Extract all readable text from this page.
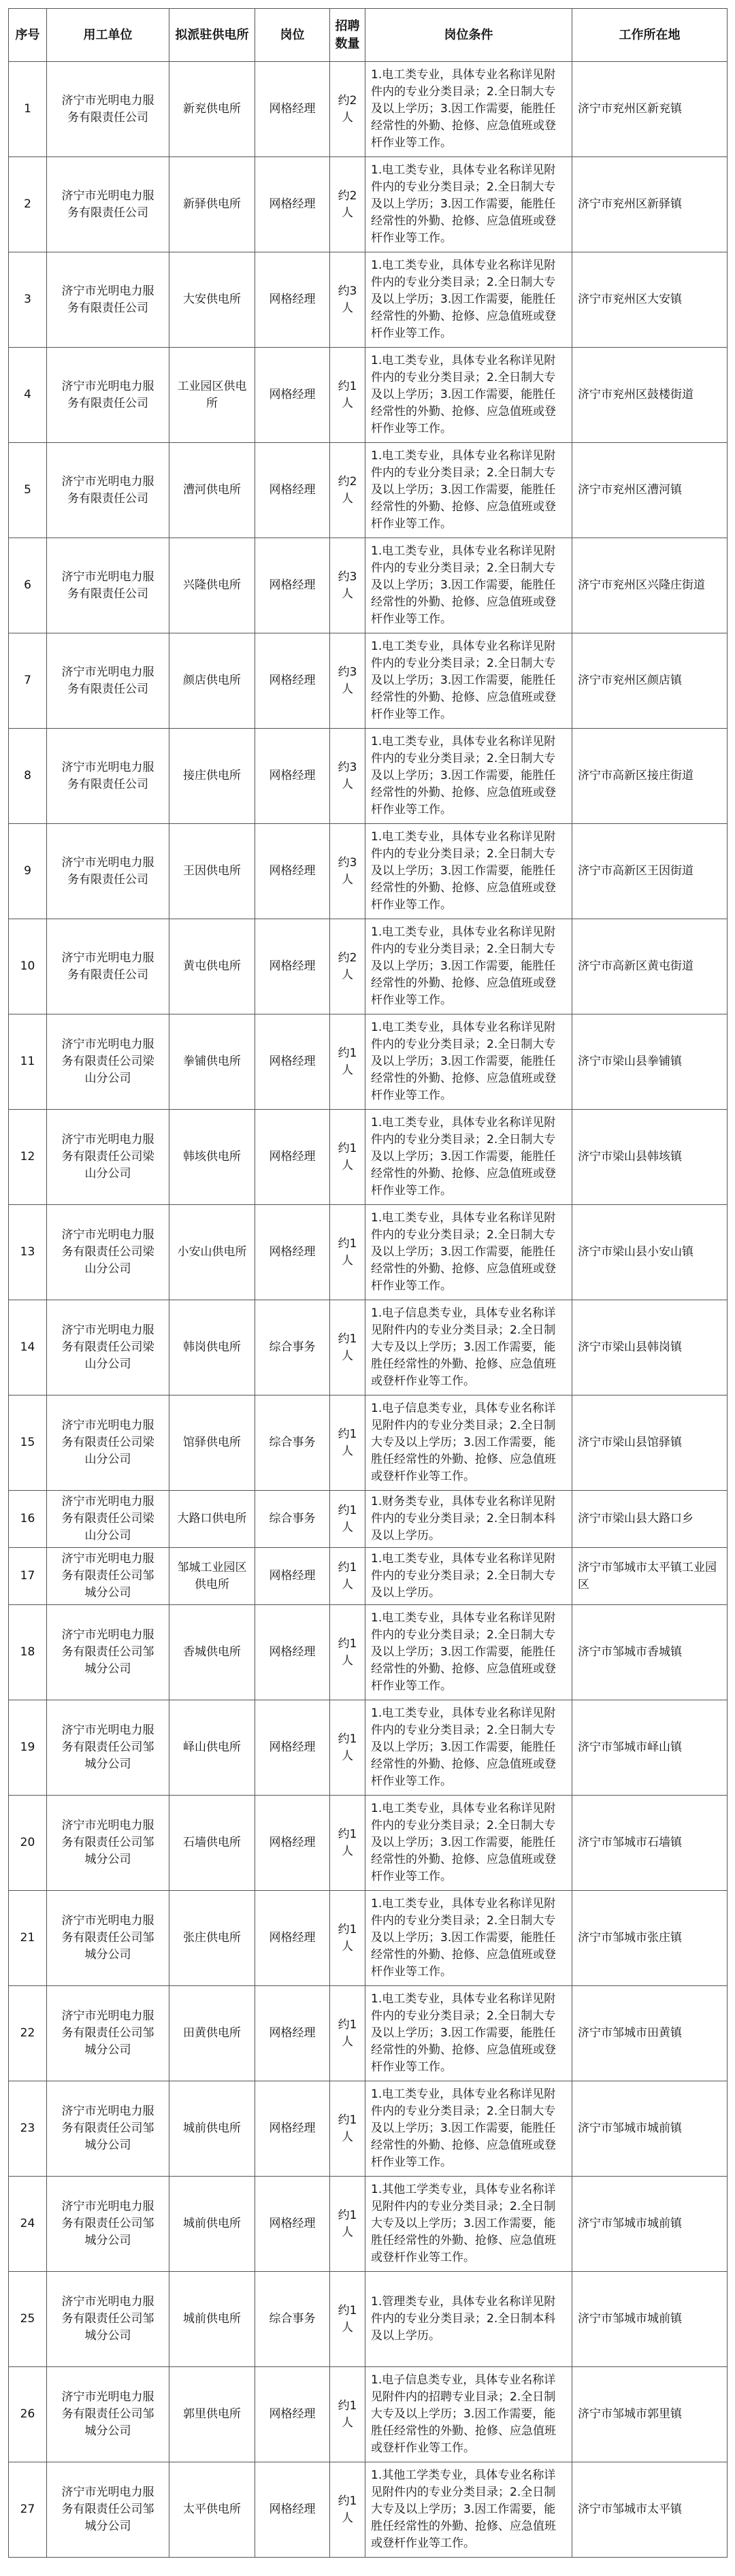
序号	用工单位	拟派驻供电所	岗位	招聘数量	岗位条件	工作所在地
1	济宁市光明电力服务有限责任公司	新兖供电所	网格经理	约2人	1.电工类专业，具体专业名称详见附件内的专业分类目录；2.全日制大专及以上学历；3.因工作需要，能胜任经常性的外勤、抢修、应急值班或登杆作业等工作。	济宁市兖州区新兖镇
2	济宁市光明电力服务有限责任公司	新驿供电所	网格经理	约2人	1.电工类专业，具体专业名称详见附件内的专业分类目录；2.全日制大专及以上学历；3.因工作需要，能胜任经常性的外勤、抢修、应急值班或登杆作业等工作。	济宁市兖州区新驿镇
3	济宁市光明电力服务有限责任公司	大安供电所	网格经理	约3人	1.电工类专业，具体专业名称详见附件内的专业分类目录；2.全日制大专及以上学历；3.因工作需要，能胜任经常性的外勤、抢修、应急值班或登杆作业等工作。	济宁市兖州区大安镇
4	济宁市光明电力服务有限责任公司	工业园区供电所	网格经理	约1人	1.电工类专业，具体专业名称详见附件内的专业分类目录；2.全日制大专及以上学历；3.因工作需要，能胜任经常性的外勤、抢修、应急值班或登杆作业等工作。	济宁市兖州区鼓楼街道
5	济宁市光明电力服务有限责任公司	漕河供电所	网格经理	约2人	1.电工类专业，具体专业名称详见附件内的专业分类目录；2.全日制大专及以上学历；3.因工作需要，能胜任经常性的外勤、抢修、应急值班或登杆作业等工作。	济宁市兖州区漕河镇
6	济宁市光明电力服务有限责任公司	兴隆供电所	网格经理	约3人	1.电工类专业，具体专业名称详见附件内的专业分类目录；2.全日制大专及以上学历；3.因工作需要，能胜任经常性的外勤、抢修、应急值班或登杆作业等工作。	济宁市兖州区兴隆庄街道
7	济宁市光明电力服务有限责任公司	颜店供电所	网格经理	约3人	1.电工类专业，具体专业名称详见附件内的专业分类目录；2.全日制大专及以上学历；3.因工作需要，能胜任经常性的外勤、抢修、应急值班或登杆作业等工作。	济宁市兖州区颜店镇
8	济宁市光明电力服务有限责任公司	接庄供电所	网格经理	约3人	1.电工类专业，具体专业名称详见附件内的专业分类目录；2.全日制大专及以上学历；3.因工作需要，能胜任经常性的外勤、抢修、应急值班或登杆作业等工作。	济宁市高新区接庄街道
9	济宁市光明电力服务有限责任公司	王因供电所	网格经理	约3人	1.电工类专业，具体专业名称详见附件内的专业分类目录；2.全日制大专及以上学历；3.因工作需要，能胜任经常性的外勤、抢修、应急值班或登杆作业等工作。	济宁市高新区王因街道
10	济宁市光明电力服务有限责任公司	黄屯供电所	网格经理	约2人	1.电工类专业，具体专业名称详见附件内的专业分类目录；2.全日制大专及以上学历；3.因工作需要，能胜任经常性的外勤、抢修、应急值班或登杆作业等工作。	济宁市高新区黄屯街道
11	济宁市光明电力服务有限责任公司梁山分公司	拳铺供电所	网格经理	约1人	1.电工类专业，具体专业名称详见附件内的专业分类目录；2.全日制大专及以上学历；3.因工作需要，能胜任经常性的外勤、抢修、应急值班或登杆作业等工作。	济宁市梁山县拳铺镇
12	济宁市光明电力服务有限责任公司梁山分公司	韩垓供电所	网格经理	约1人	1.电工类专业，具体专业名称详见附件内的专业分类目录；2.全日制大专及以上学历；3.因工作需要，能胜任经常性的外勤、抢修、应急值班或登杆作业等工作。	济宁市梁山县韩垓镇
13	济宁市光明电力服务有限责任公司梁山分公司	小安山供电所	网格经理	约1人	1.电工类专业，具体专业名称详见附件内的专业分类目录；2.全日制大专及以上学历；3.因工作需要，能胜任经常性的外勤、抢修、应急值班或登杆作业等工作。	济宁市梁山县小安山镇
14	济宁市光明电力服务有限责任公司梁山分公司	韩岗供电所	综合事务	约1人	1.电子信息类专业，具体专业名称详见附件内的专业分类目录；2.全日制大专及以上学历；3.因工作需要，能胜任经常性的外勤、抢修、应急值班或登杆作业等工作。	济宁市梁山县韩岗镇
15	济宁市光明电力服务有限责任公司梁山分公司	馆驿供电所	综合事务	约1人	1.电子信息类专业，具体专业名称详见附件内的专业分类目录；2.全日制大专及以上学历；3.因工作需要，能胜任经常性的外勤、抢修、应急值班或登杆作业等工作。	济宁市梁山县馆驿镇
16	济宁市光明电力服务有限责任公司梁山分公司	大路口供电所	综合事务	约1人	1.财务类专业，具体专业名称详见附件内的专业分类目录；2.全日制本科及以上学历。	济宁市梁山县大路口乡
17	济宁市光明电力服务有限责任公司邹城分公司	邹城工业园区供电所	网格经理	约1人	1.电工类专业，具体专业名称详见附件内的专业分类目录；2.全日制大专及以上学历。	济宁市邹城市太平镇工业园区
18	济宁市光明电力服务有限责任公司邹城分公司	香城供电所	网格经理	约1人	1.电工类专业，具体专业名称详见附件内的专业分类目录；2.全日制大专及以上学历；3.因工作需要，能胜任经常性的外勤、抢修、应急值班或登杆作业等工作。	济宁市邹城市香城镇
19	济宁市光明电力服务有限责任公司邹城分公司	峄山供电所	网格经理	约1人	1.电工类专业，具体专业名称详见附件内的专业分类目录；2.全日制大专及以上学历；3.因工作需要，能胜任经常性的外勤、抢修、应急值班或登杆作业等工作。	济宁市邹城市峄山镇
20	济宁市光明电力服务有限责任公司邹城分公司	石墙供电所	网格经理	约1人	1.电工类专业，具体专业名称详见附件内的专业分类目录；2.全日制大专及以上学历；3.因工作需要，能胜任经常性的外勤、抢修、应急值班或登杆作业等工作。	济宁市邹城市石墙镇
21	济宁市光明电力服务有限责任公司邹城分公司	张庄供电所	网格经理	约1人	1.电工类专业，具体专业名称详见附件内的专业分类目录；2.全日制大专及以上学历；3.因工作需要，能胜任经常性的外勤、抢修、应急值班或登杆作业等工作。	济宁市邹城市张庄镇
22	济宁市光明电力服务有限责任公司邹城分公司	田黄供电所	网格经理	约1人	1.电工类专业，具体专业名称详见附件内的专业分类目录；2.全日制大专及以上学历；3.因工作需要，能胜任经常性的外勤、抢修、应急值班或登杆作业等工作。	济宁市邹城市田黄镇
23	济宁市光明电力服务有限责任公司邹城分公司	城前供电所	网格经理	约1人	1.电工类专业，具体专业名称详见附件内的专业分类目录；2.全日制大专及以上学历；3.因工作需要，能胜任经常性的外勤、抢修、应急值班或登杆作业等工作。	济宁市邹城市城前镇
24	济宁市光明电力服务有限责任公司邹城分公司	城前供电所	网格经理	约1人	1.其他工学类专业，具体专业名称详见附件内的专业分类目录；2.全日制大专及以上学历；3.因工作需要，能胜任经常性的外勤、抢修、应急值班或登杆作业等工作。	济宁市邹城市城前镇
25	济宁市光明电力服务有限责任公司邹城分公司	城前供电所	综合事务	约1人	1.管理类专业，具体专业名称详见附件内的专业分类目录；2.全日制本科及以上学历。	济宁市邹城市城前镇
26	济宁市光明电力服务有限责任公司邹城分公司	郭里供电所	网格经理	约1人	1.电子信息类专业，具体专业名称详见附件内的招聘专业目录；2.全日制大专及以上学历；3.因工作需要，能胜任经常性的外勤、抢修、应急值班或登杆作业等工作。	济宁市邹城市郭里镇
27	济宁市光明电力服务有限责任公司邹城分公司	太平供电所	网格经理	约1人	1.其他工学类专业，具体专业名称详见附件内的专业分类目录；2.全日制大专及以上学历；3.因工作需要，能胜任经常性的外勤、抢修、应急值班或登杆作业等工作。	济宁市邹城市太平镇
